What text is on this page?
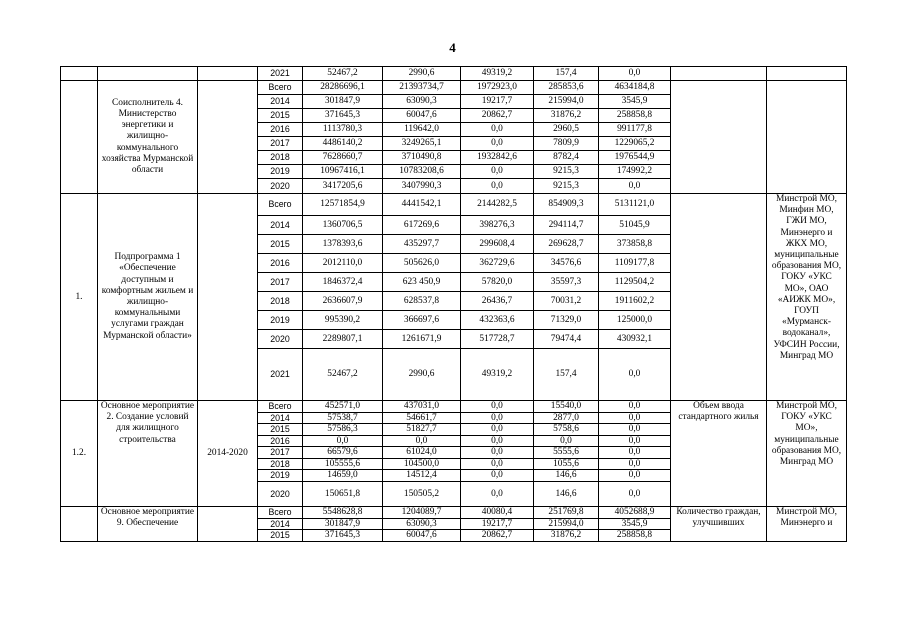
4
			2021	52467,2	2990,6	49319,2	157,4	0,0		
	Соисполнитель 4. Министерство энергетики и жилищно-коммунального хозяйства Мурманской области		Всего	28286696,1	21393734,7	1972923,0	285853,6	4634184,8		
			2014	301847,9	63090,3	19217,7	215994,0	3545,9		
			2015	371645,3	60047,6	20862,7	31876,2	258858,8		
			2016	1113780,3	119642,0	0,0	2960,5	991177,8		
			2017	4486140,2	3249265,1	0,0	7809,9	1229065,2		
			2018	7628660,7	3710490,8	1932842,6	8782,4	1976544,9		
			2019	10967416,1	10783208,6	0,0	9215,3	174992,2		
			2020	3417205,6	3407990,3	0,0	9215,3	0,0		
1.	Подпрограмма 1 «Обеспечение доступным и комфортным жильем и жилищно-коммунальными услугами граждан Мурманской области»		Всего	12571854,9	4441542,1	2144282,5	854909,3	5131121,0		Минстрой МО, Минфин МО, ГЖИ МО, Минэнерго и ЖКХ МО, муниципальные образования МО, ГОКУ «УКС МО», ОАО «АИЖК МО», ГОУП «Мурманск-водоканал», УФСИН России, Минград МО
			2014	1360706,5	617269,6	398276,3	294114,7	51045,9		
			2015	1378393,6	435297,7	299608,4	269628,7	373858,8		
			2016	2012110,0	505626,0	362729,6	34576,6	1109177,8		
			2017	1846372,4	623 450,9	57820,0	35597,3	1129504,2		
			2018	2636607,9	628537,8	26436,7	70031,2	1911602,2		
			2019	995390,2	366697,6	432363,6	71329,0	125000,0		
			2020	2289807,1	1261671,9	517728,7	79474,4	430932,1		
			2021	52467,2	2990,6	49319,2	157,4	0,0		
1.2.	Основное мероприятие 2. Создание условий для жилищного строительства	2014-2020	Всего	452571,0	437031,0	0,0	15540,0	0,0	Объем ввода стандартного жилья	Минстрой МО, ГОКУ «УКС МО», муниципальные образования МО, Минград МО
			2014	57538,7	54661,7	0,0	2877,0	0,0		
			2015	57586,3	51827,7	0,0	5758,6	0,0		
			2016	0,0	0,0	0,0	0,0	0,0		
			2017	66579,6	61024,0	0,0	5555,6	0,0		
			2018	105555,6	104500,0	0,0	1055,6	0,0		
			2019	14659,0	14512,4	0,0	146,6	0,0		
			2020	150651,8	150505,2	0,0	146,6	0,0		
	Основное мероприятие 9. Обеспечение		Всего	5548628,8	1204089,7	40080,4	251769,8	4052688,9	Количество граждан, улучшивших	Минстрой МО, Минэнерго и
			2014	301847,9	63090,3	19217,7	215994,0	3545,9		
			2015	371645,3	60047,6	20862,7	31876,2	258858,8		
